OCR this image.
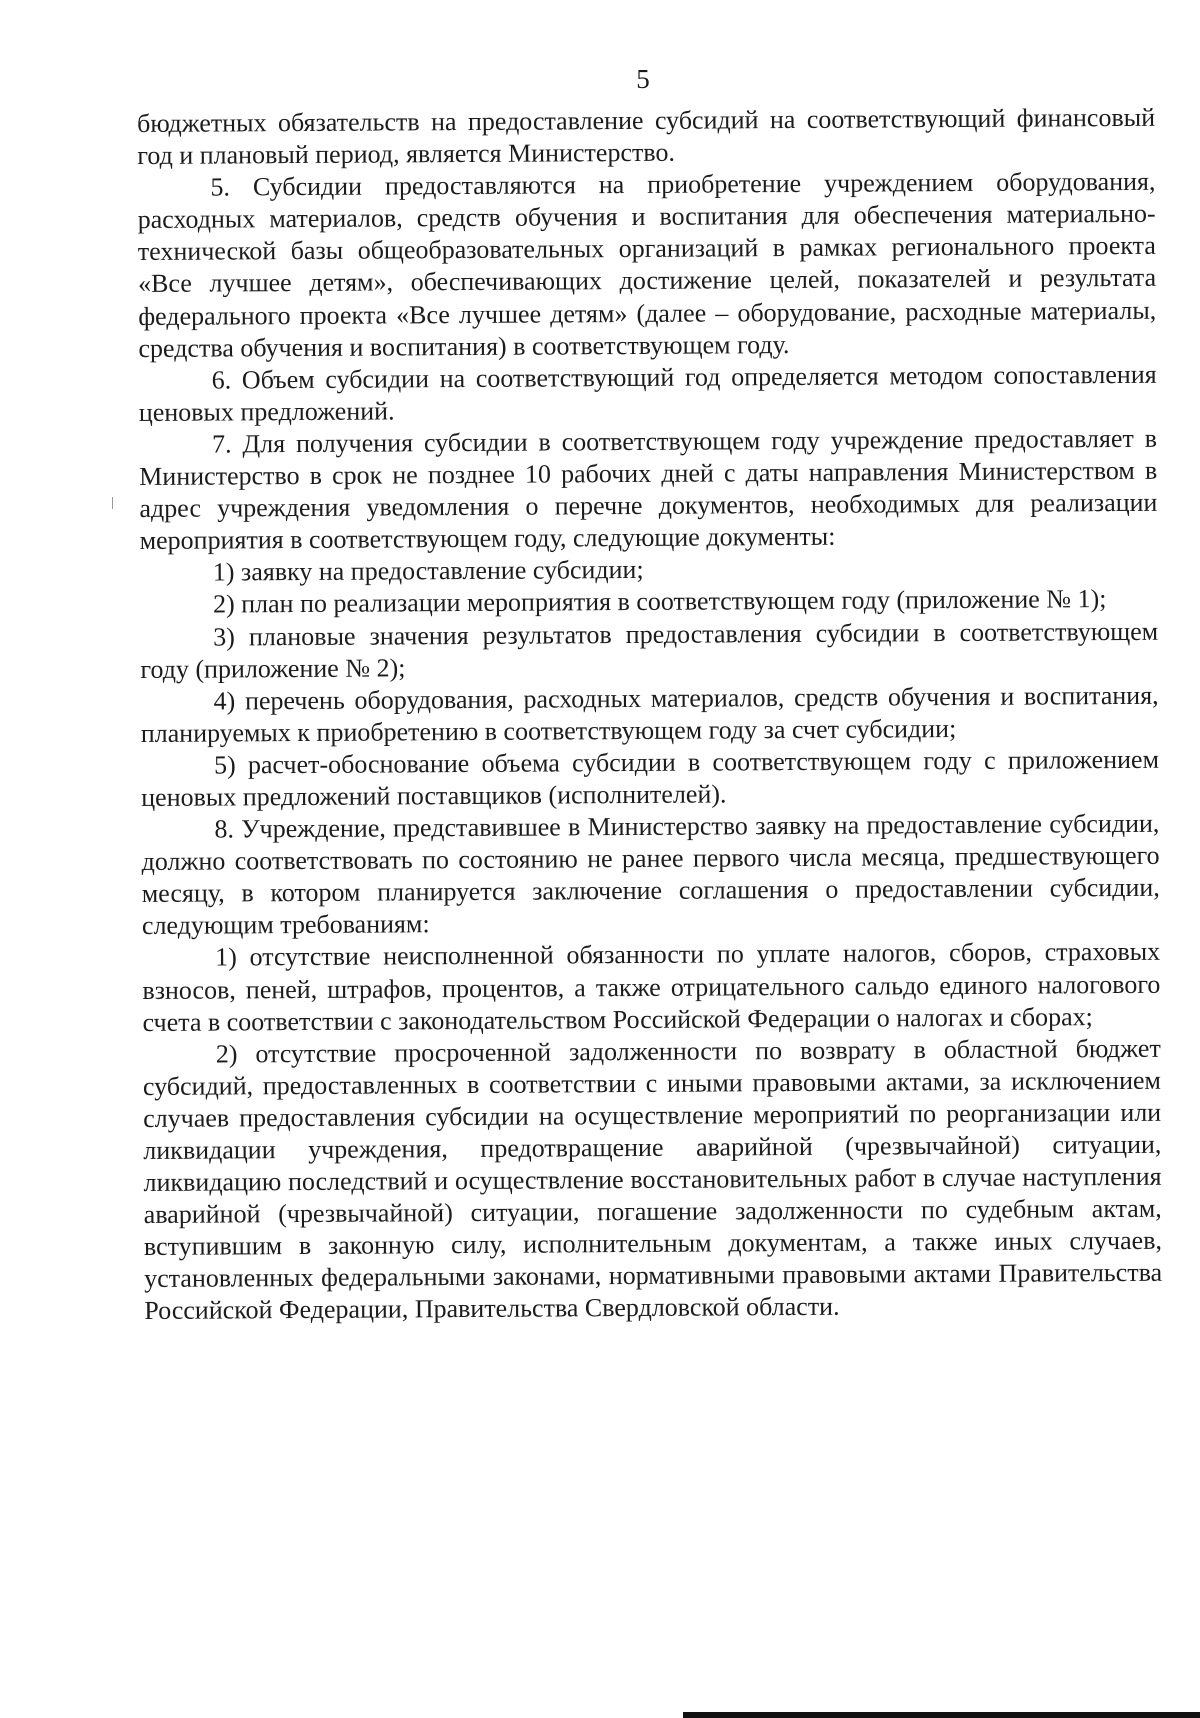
5

бюджетных обязательств на предоставление субсидий на соответствующий финансовый год и плановый период, является Министерство.

5. Субсидии предоставляются на приобретение учреждением оборудования, расходных материалов, средств обучения и воспитания для обеспечения материально-технической базы общеобразовательных организаций в рамках регионального проекта «Все лучшее детям», обеспечивающих достижение целей, показателей и результата федерального проекта «Все лучшее детям» (далее – оборудование, расходные материалы, средства обучения и воспитания) в соответствующем году.

6. Объем субсидии на соответствующий год определяется методом сопоставления ценовых предложений.

7. Для получения субсидии в соответствующем году учреждение предоставляет в Министерство в срок не позднее 10 рабочих дней с даты направления Министерством в адрес учреждения уведомления о перечне документов, необходимых для реализации мероприятия в соответствующем году, следующие документы:

1) заявку на предоставление субсидии;

2) план по реализации мероприятия в соответствующем году (приложение № 1);

3) плановые значения результатов предоставления субсидии в соответствующем году (приложение № 2);

4) перечень оборудования, расходных материалов, средств обучения и воспитания, планируемых к приобретению в соответствующем году за счет субсидии;

5) расчет-обоснование объема субсидии в соответствующем году с приложением ценовых предложений поставщиков (исполнителей).

8. Учреждение, представившее в Министерство заявку на предоставление субсидии, должно соответствовать по состоянию не ранее первого числа месяца, предшествующего месяцу, в котором планируется заключение соглашения о предоставлении субсидии, следующим требованиям:

1) отсутствие неисполненной обязанности по уплате налогов, сборов, страховых взносов, пеней, штрафов, процентов, а также отрицательного сальдо единого налогового счета в соответствии с законодательством Российской Федерации о налогах и сборах;

2) отсутствие просроченной задолженности по возврату в областной бюджет субсидий, предоставленных в соответствии с иными правовыми актами, за исключением случаев предоставления субсидии на осуществление мероприятий по реорганизации или ликвидации учреждения, предотвращение аварийной (чрезвычайной) ситуации, ликвидацию последствий и осуществление восстановительных работ в случае наступления аварийной (чрезвычайной) ситуации, погашение задолженности по судебным актам, вступившим в законную силу, исполнительным документам, а также иных случаев, установленных федеральными законами, нормативными правовыми актами Правительства Российской Федерации, Правительства Свердловской области.
